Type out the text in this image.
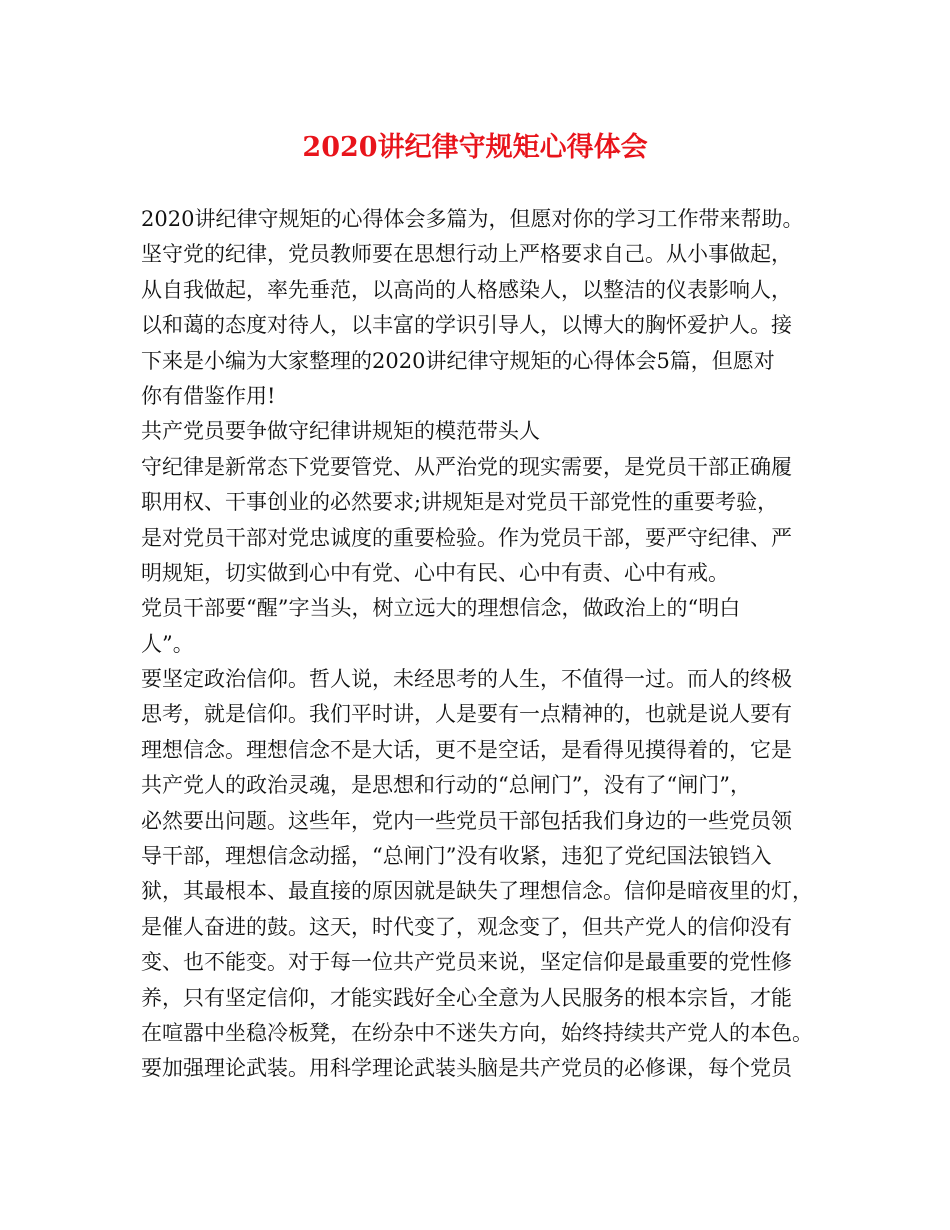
2020讲纪律守规矩心得体会
2020讲纪律守规矩的心得体会多篇为，但愿对你的学习工作带来帮助。
坚守党的纪律，党员教师要在思想行动上严格要求自己。从小事做起，
从自我做起，率先垂范，以高尚的人格感染人，以整洁的仪表影响人，
以和蔼的态度对待人，以丰富的学识引导人，以博大的胸怀爱护人。接
下来是小编为大家整理的2020讲纪律守规矩的心得体会5篇，但愿对
你有借鉴作用!
共产党员要争做守纪律讲规矩的模范带头人
守纪律是新常态下党要管党、从严治党的现实需要，是党员干部正确履
职用权、干事创业的必然要求;讲规矩是对党员干部党性的重要考验，
是对党员干部对党忠诚度的重要检验。作为党员干部，要严守纪律、严
明规矩，切实做到心中有党、心中有民、心中有责、心中有戒。
党员干部要“醒”字当头，树立远大的理想信念，做政治上的“明白
人”。
要坚定政治信仰。哲人说，未经思考的人生，不值得一过。而人的终极
思考，就是信仰。我们平时讲，人是要有一点精神的，也就是说人要有
理想信念。理想信念不是大话，更不是空话，是看得见摸得着的，它是
共产党人的政治灵魂，是思想和行动的“总闸门”，没有了“闸门”，
必然要出问题。这些年，党内一些党员干部包括我们身边的一些党员领
导干部，理想信念动摇，“总闸门”没有收紧，违犯了党纪国法锒铛入
狱，其最根本、最直接的原因就是缺失了理想信念。信仰是暗夜里的灯，
是催人奋进的鼓。这天，时代变了，观念变了，但共产党人的信仰没有
变、也不能变。对于每一位共产党员来说，坚定信仰是最重要的党性修
养，只有坚定信仰，才能实践好全心全意为人民服务的根本宗旨，才能
在喧嚣中坐稳冷板凳，在纷杂中不迷失方向，始终持续共产党人的本色。
要加强理论武装。用科学理论武装头脑是共产党员的必修课，每个党员
